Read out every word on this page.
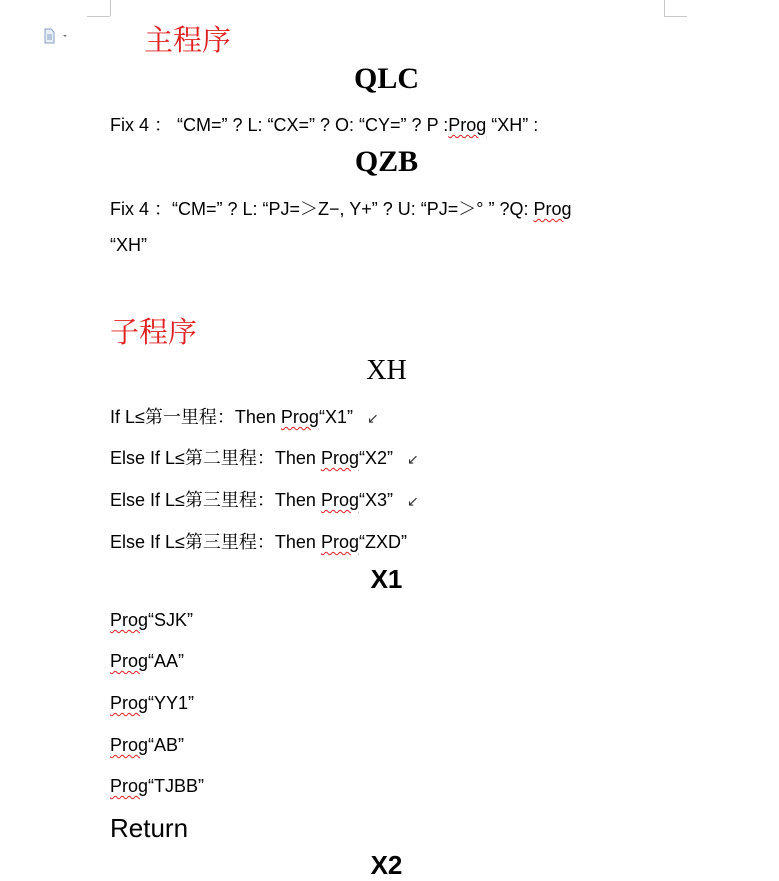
主程序
QLC
Fix 4 ： “CM=” ? L: “CX=” ? O: “CY=” ? P :Prog “XH” :
QZB
Fix 4 ：“CM=” ? L: “PJ=＞Z−, Y+” ? U: “PJ=＞° ” ?Q: Prog
“XH”
子程序
XH
If L≤第一里程：Then Prog“X1” ↙
Else If L≤第二里程：Then Prog“X2” ↙
Else If L≤第三里程：Then Prog“X3” ↙
Else If L≤第三里程：Then Prog“ZXD”
X1
Prog“SJK”
Prog“AA”
Prog“YY1”
Prog“AB”
Prog“TJBB”
Return
X2
